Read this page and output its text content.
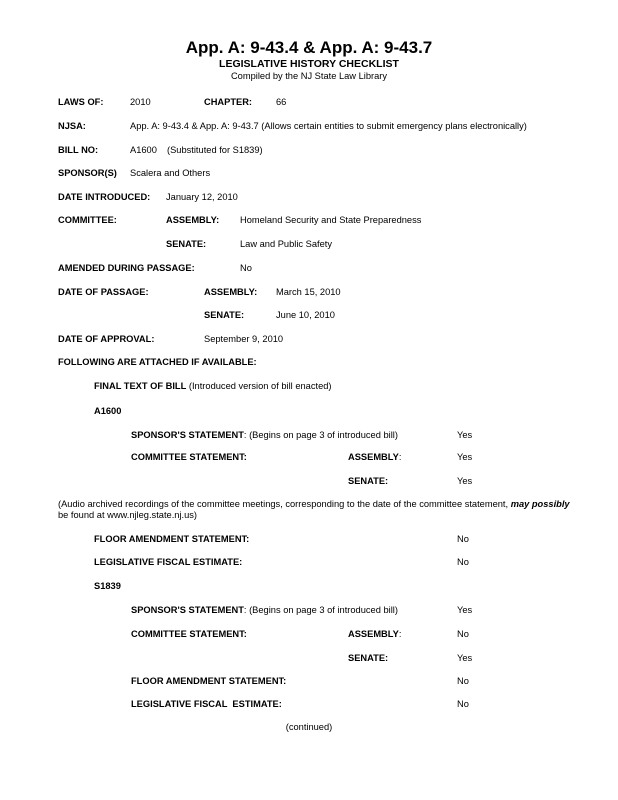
App. A: 9-43.4 & App. A: 9-43.7
LEGISLATIVE HISTORY CHECKLIST
Compiled by the NJ State Law Library
LAWS OF:	2010	CHAPTER:	66
NJSA:	App. A: 9-43.4 & App. A: 9-43.7 (Allows certain entities to submit emergency plans electronically)
BILL NO:	A1600 (Substituted for S1839)
SPONSOR(S) Scalera and Others
DATE INTRODUCED: January 12, 2010
COMMITTEE:	ASSEMBLY: Homeland Security and State Preparedness
SENATE:	Law and Public Safety
AMENDED DURING PASSAGE:	No
DATE OF PASSAGE:	ASSEMBLY: March 15, 2010
SENATE:	June 10, 2010
DATE OF APPROVAL:	September 9, 2010
FOLLOWING ARE ATTACHED IF AVAILABLE:
FINAL TEXT OF BILL (Introduced version of bill enacted)
A1600
SPONSOR'S STATEMENT: (Begins on page 3 of introduced bill)	Yes
COMMITTEE STATEMENT:	ASSEMBLY:	Yes
SENATE:	Yes
(Audio archived recordings of the committee meetings, corresponding to the date of the committee statement, may possibly
be found at www.njleg.state.nj.us)
FLOOR AMENDMENT STATEMENT:	No
LEGISLATIVE FISCAL ESTIMATE:	No
S1839
SPONSOR'S STATEMENT: (Begins on page 3 of introduced bill)	Yes
COMMITTEE STATEMENT:	ASSEMBLY:	No
SENATE:	Yes
FLOOR AMENDMENT STATEMENT:	No
LEGISLATIVE FISCAL  ESTIMATE:	No
(continued)
